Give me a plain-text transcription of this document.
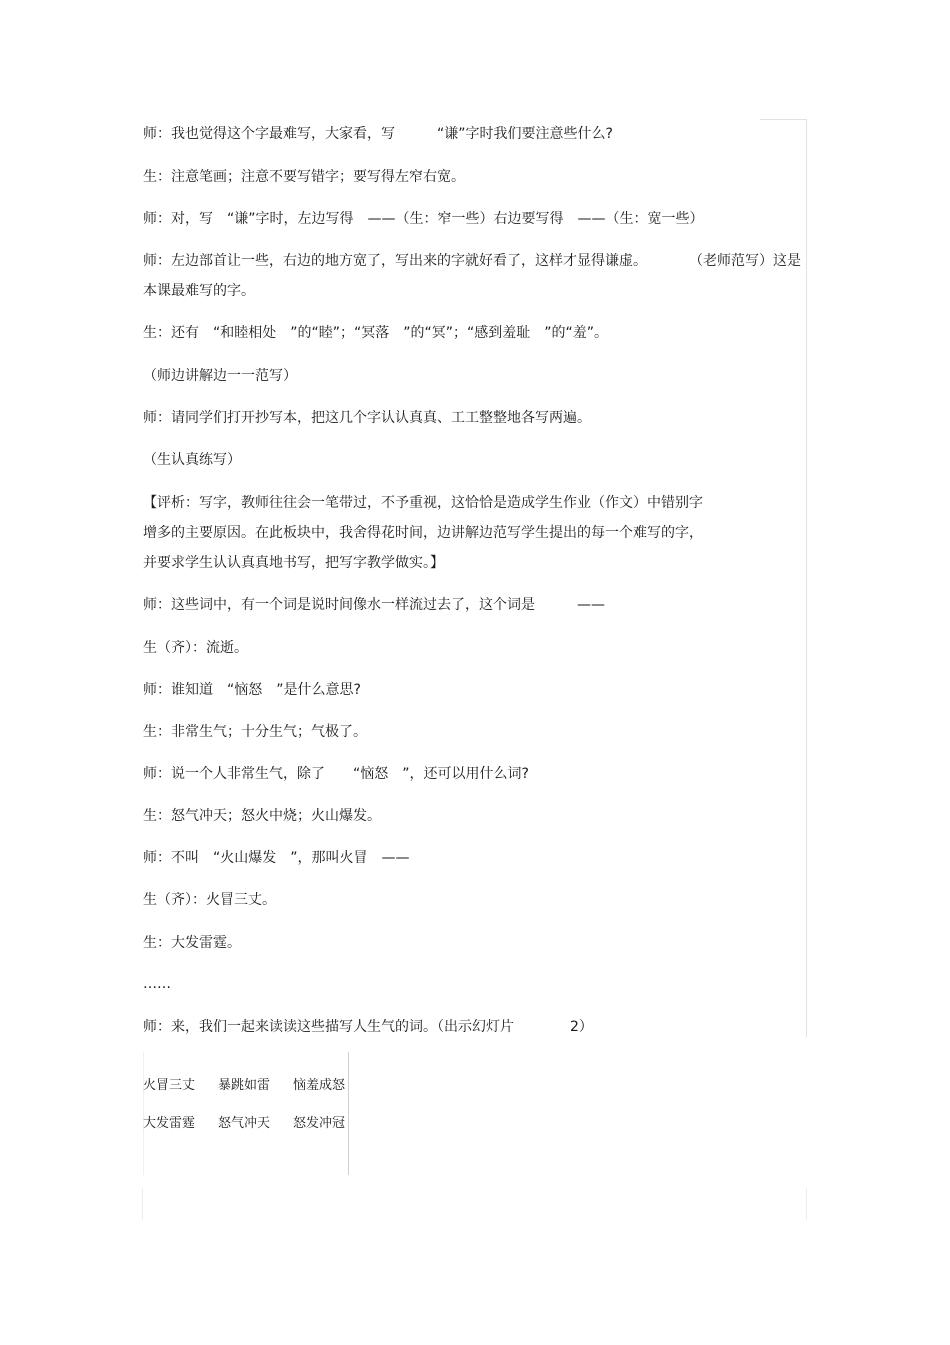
师：我也觉得这个字最难写，大家看，写　　　“谦”字时我们要注意些什么?

生：注意笔画；注意不要写错字；要写得左窄右宽。

师：对，写　“谦”字时，左边写得　——（生：窄一些）右边要写得　——（生：宽一些）

师：左边部首让一些，右边的地方宽了，写出来的字就好看了，这样才显得谦虚。　　　　（老师范写）这是本课最难写的字。

生：还有　“和睦相处　”的“睦”；“冥落　”的“冥”；“感到羞耻　”的“羞”。

（师边讲解边一一范写）

师：请同学们打开抄写本，把这几个字认认真真、工工整整地各写两遍。

（生认真练写）

【评析：写字，教师往往会一笔带过，不予重视，这恰恰是造成学生作业（作文）中错别字

增多的主要原因。在此板块中，我舍得花时间，边讲解边范写学生提出的每一个难写的字，

并要求学生认认真真地书写，把写字教学做实。】

师：这些词中，有一个词是说时间像水一样流过去了，这个词是　　　——

生（齐）：流逝。

师：谁知道　“恼怒　”是什么意思?

生：非常生气；十分生气；气极了。

师：说一个人非常生气，除了　　“恼怒　”，还可以用什么词?

生：怒气冲天；怒火中烧；火山爆发。

师：不叫　“火山爆发　”，那叫火冒　——

生（齐）：火冒三丈。

生：大发雷霆。

……

师：来，我们一起来读读这些描写人生气的词。（出示幻灯片　　　　2）

火冒三丈	暴跳如雷	恼羞成怒
大发雷霆	怒气冲天	怒发冲冠
